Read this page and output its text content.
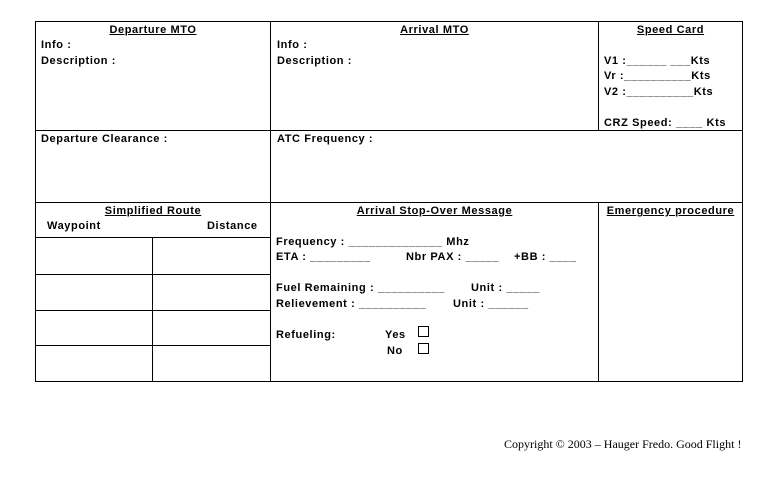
Departure MTO
Info :
Description :
Arrival MTO
Info :
Description :
Speed Card
V1 :______ ___Kts
Vr :__________Kts
V2 :__________Kts
CRZ Speed: ____ Kts
Departure Clearance :	ATC Frequency :
Simplified Route
Waypoint	Distance
Arrival Stop-Over Message
Frequency : ______________ Mhz
ETA : _________	Nbr PAX : _____ +BB : ____
Fuel Remaining : __________ Unit : _____
Relievement : __________ Unit : ______
Refueling:	Yes
No
Emergency procedure
Copyright © 2003 – Hauger Fredo. Good Flight !
